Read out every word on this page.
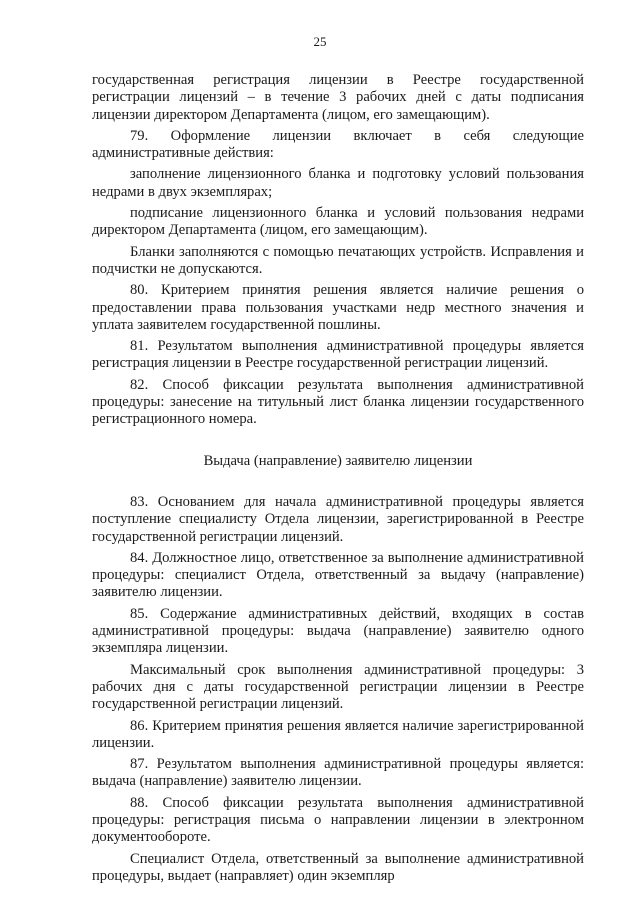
25

государственная регистрация лицензии в Реестре государственной регистрации лицензий – в течение 3 рабочих дней с даты подписания лицензии директором Департамента (лицом, его замещающим).

79. Оформление лицензии включает в себя следующие административные действия:

заполнение лицензионного бланка и подготовку условий пользования недрами в двух экземплярах;

подписание лицензионного бланка и условий пользования недрами директором Департамента (лицом, его замещающим).

Бланки заполняются с помощью печатающих устройств. Исправления и подчистки не допускаются.

80. Критерием принятия решения является наличие решения о предоставлении права пользования участками недр местного значения и уплата заявителем государственной пошлины.

81. Результатом выполнения административной процедуры является регистрация лицензии в Реестре государственной регистрации лицензий.

82. Способ фиксации результата выполнения административной процедуры: занесение на титульный лист бланка лицензии государственного регистрационного номера.

Выдача (направление) заявителю лицензии

83. Основанием для начала административной процедуры является поступление специалисту Отдела лицензии, зарегистрированной в Реестре государственной регистрации лицензий.

84. Должностное лицо, ответственное за выполнение административной процедуры: специалист Отдела, ответственный за выдачу (направление) заявителю лицензии.

85. Содержание административных действий, входящих в состав административной процедуры: выдача (направление) заявителю одного экземпляра лицензии.

Максимальный срок выполнения административной процедуры: 3 рабочих дня с даты государственной регистрации лицензии в Реестре государственной регистрации лицензий.

86. Критерием принятия решения является наличие зарегистрированной лицензии.

87. Результатом выполнения административной процедуры является: выдача (направление) заявителю лицензии.

88. Способ фиксации результата выполнения административной процедуры: регистрация письма о направлении лицензии в электронном документообороте.

Специалист Отдела, ответственный за выполнение административной процедуры, выдает (направляет) один экземпляр
